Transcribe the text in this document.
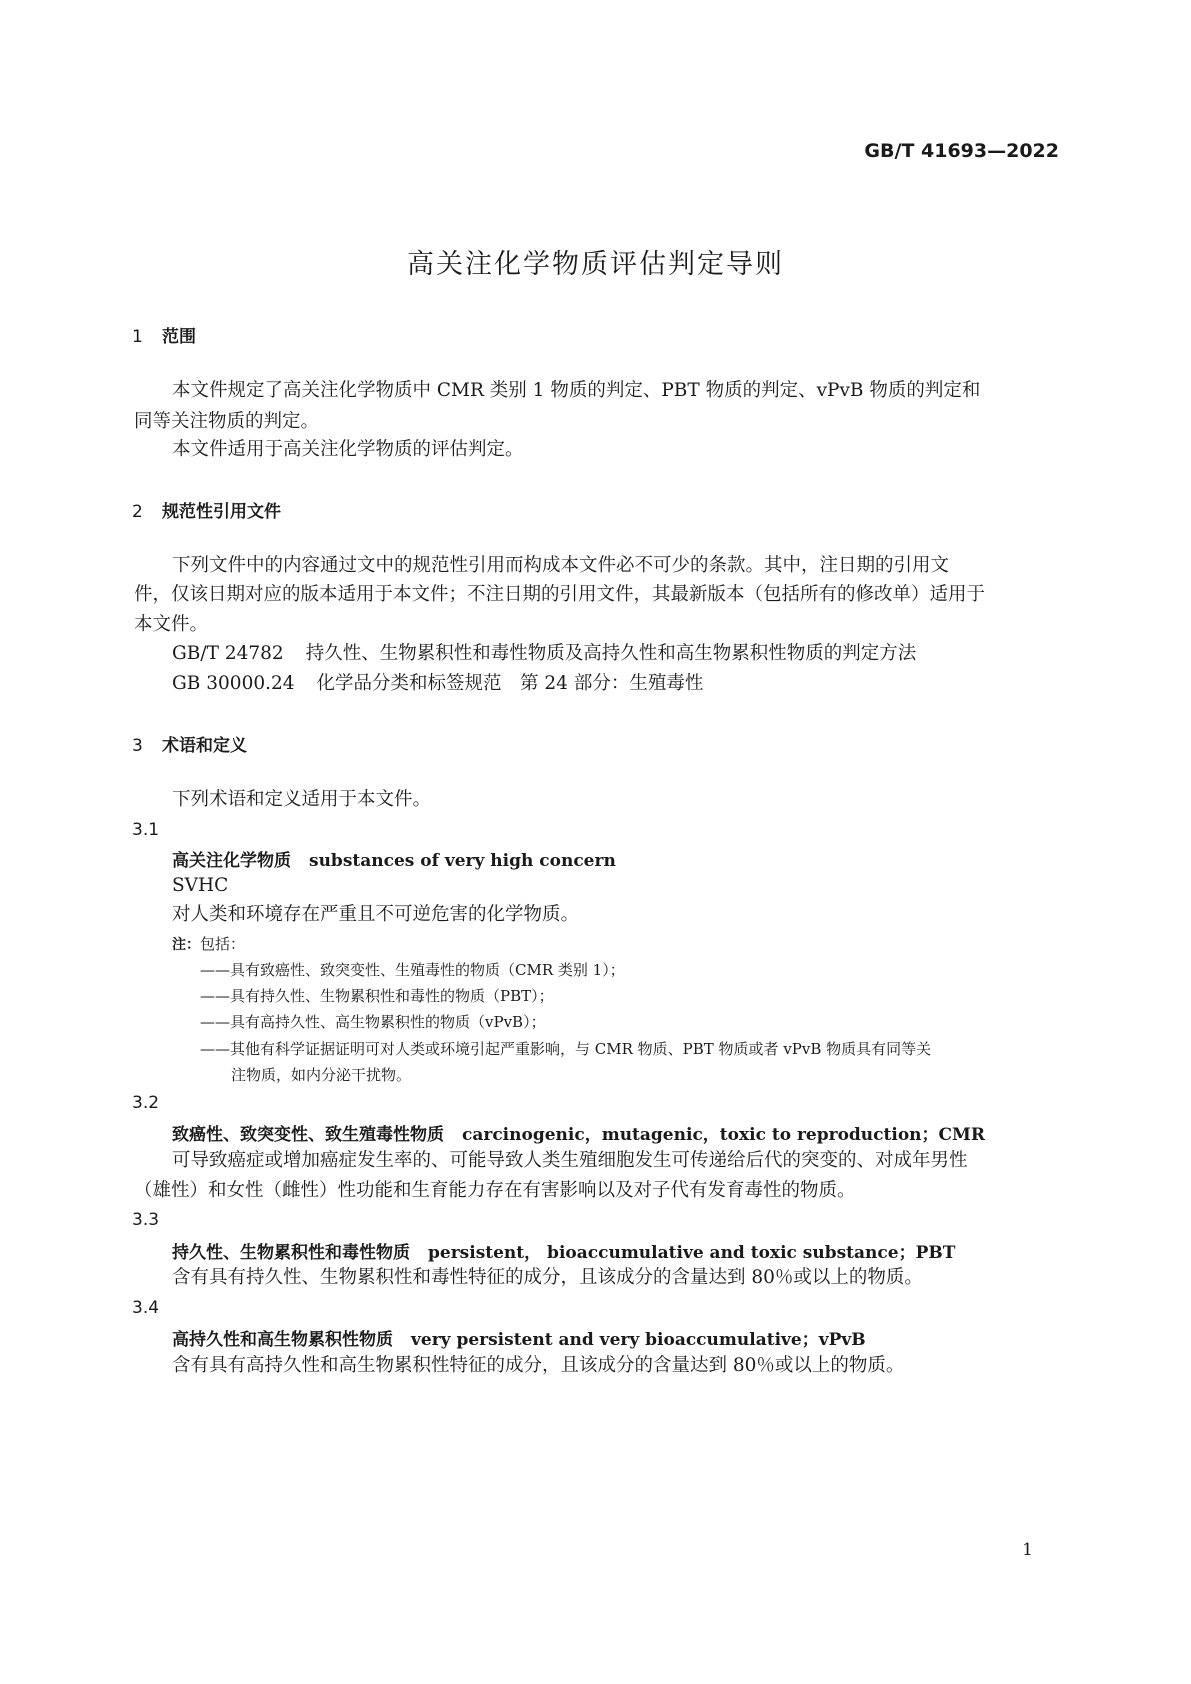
GB/T 41693—2022
高关注化学物质评估判定导则
1 范围
本文件规定了高关注化学物质中 CMR 类别 1 物质的判定、PBT 物质的判定、vPvB 物质的判定和
同等关注物质的判定。
本文件适用于高关注化学物质的评估判定。
2 规范性引用文件
下列文件中的内容通过文中的规范性引用而构成本文件必不可少的条款。其中，注日期的引用文
件，仅该日期对应的版本适用于本文件；不注日期的引用文件，其最新版本（包括所有的修改单）适用于
本文件。
GB/T 24782 持久性、生物累积性和毒性物质及高持久性和高生物累积性物质的判定方法
GB 30000.24 化学品分类和标签规范　第 24 部分：生殖毒性
3 术语和定义
下列术语和定义适用于本文件。
3.1
高关注化学物质 substances of very high concern
SVHC
对人类和环境存在严重且不可逆危害的化学物质。
注：包括：
——具有致癌性、致突变性、生殖毒性的物质（CMR 类别 1）；
——具有持久性、生物累积性和毒性的物质（PBT）；
——具有高持久性、高生物累积性的物质（vPvB）；
——其他有科学证据证明可对人类或环境引起严重影响，与 CMR 物质、PBT 物质或者 vPvB 物质具有同等关
注物质，如内分泌干扰物。
3.2
致癌性、致突变性、致生殖毒性物质 carcinogenic，mutagenic，toxic to reproduction；CMR
可导致癌症或增加癌症发生率的、可能导致人类生殖细胞发生可传递给后代的突变的、对成年男性
（雄性）和女性（雌性）性功能和生育能力存在有害影响以及对子代有发育毒性的物质。
3.3
持久性、生物累积性和毒性物质 persistent， bioaccumulative and toxic substance；PBT
含有具有持久性、生物累积性和毒性特征的成分，且该成分的含量达到 80％或以上的物质。
3.4
高持久性和高生物累积性物质 very persistent and very bioaccumulative；vPvB
含有具有高持久性和高生物累积性特征的成分，且该成分的含量达到 80％或以上的物质。
1
